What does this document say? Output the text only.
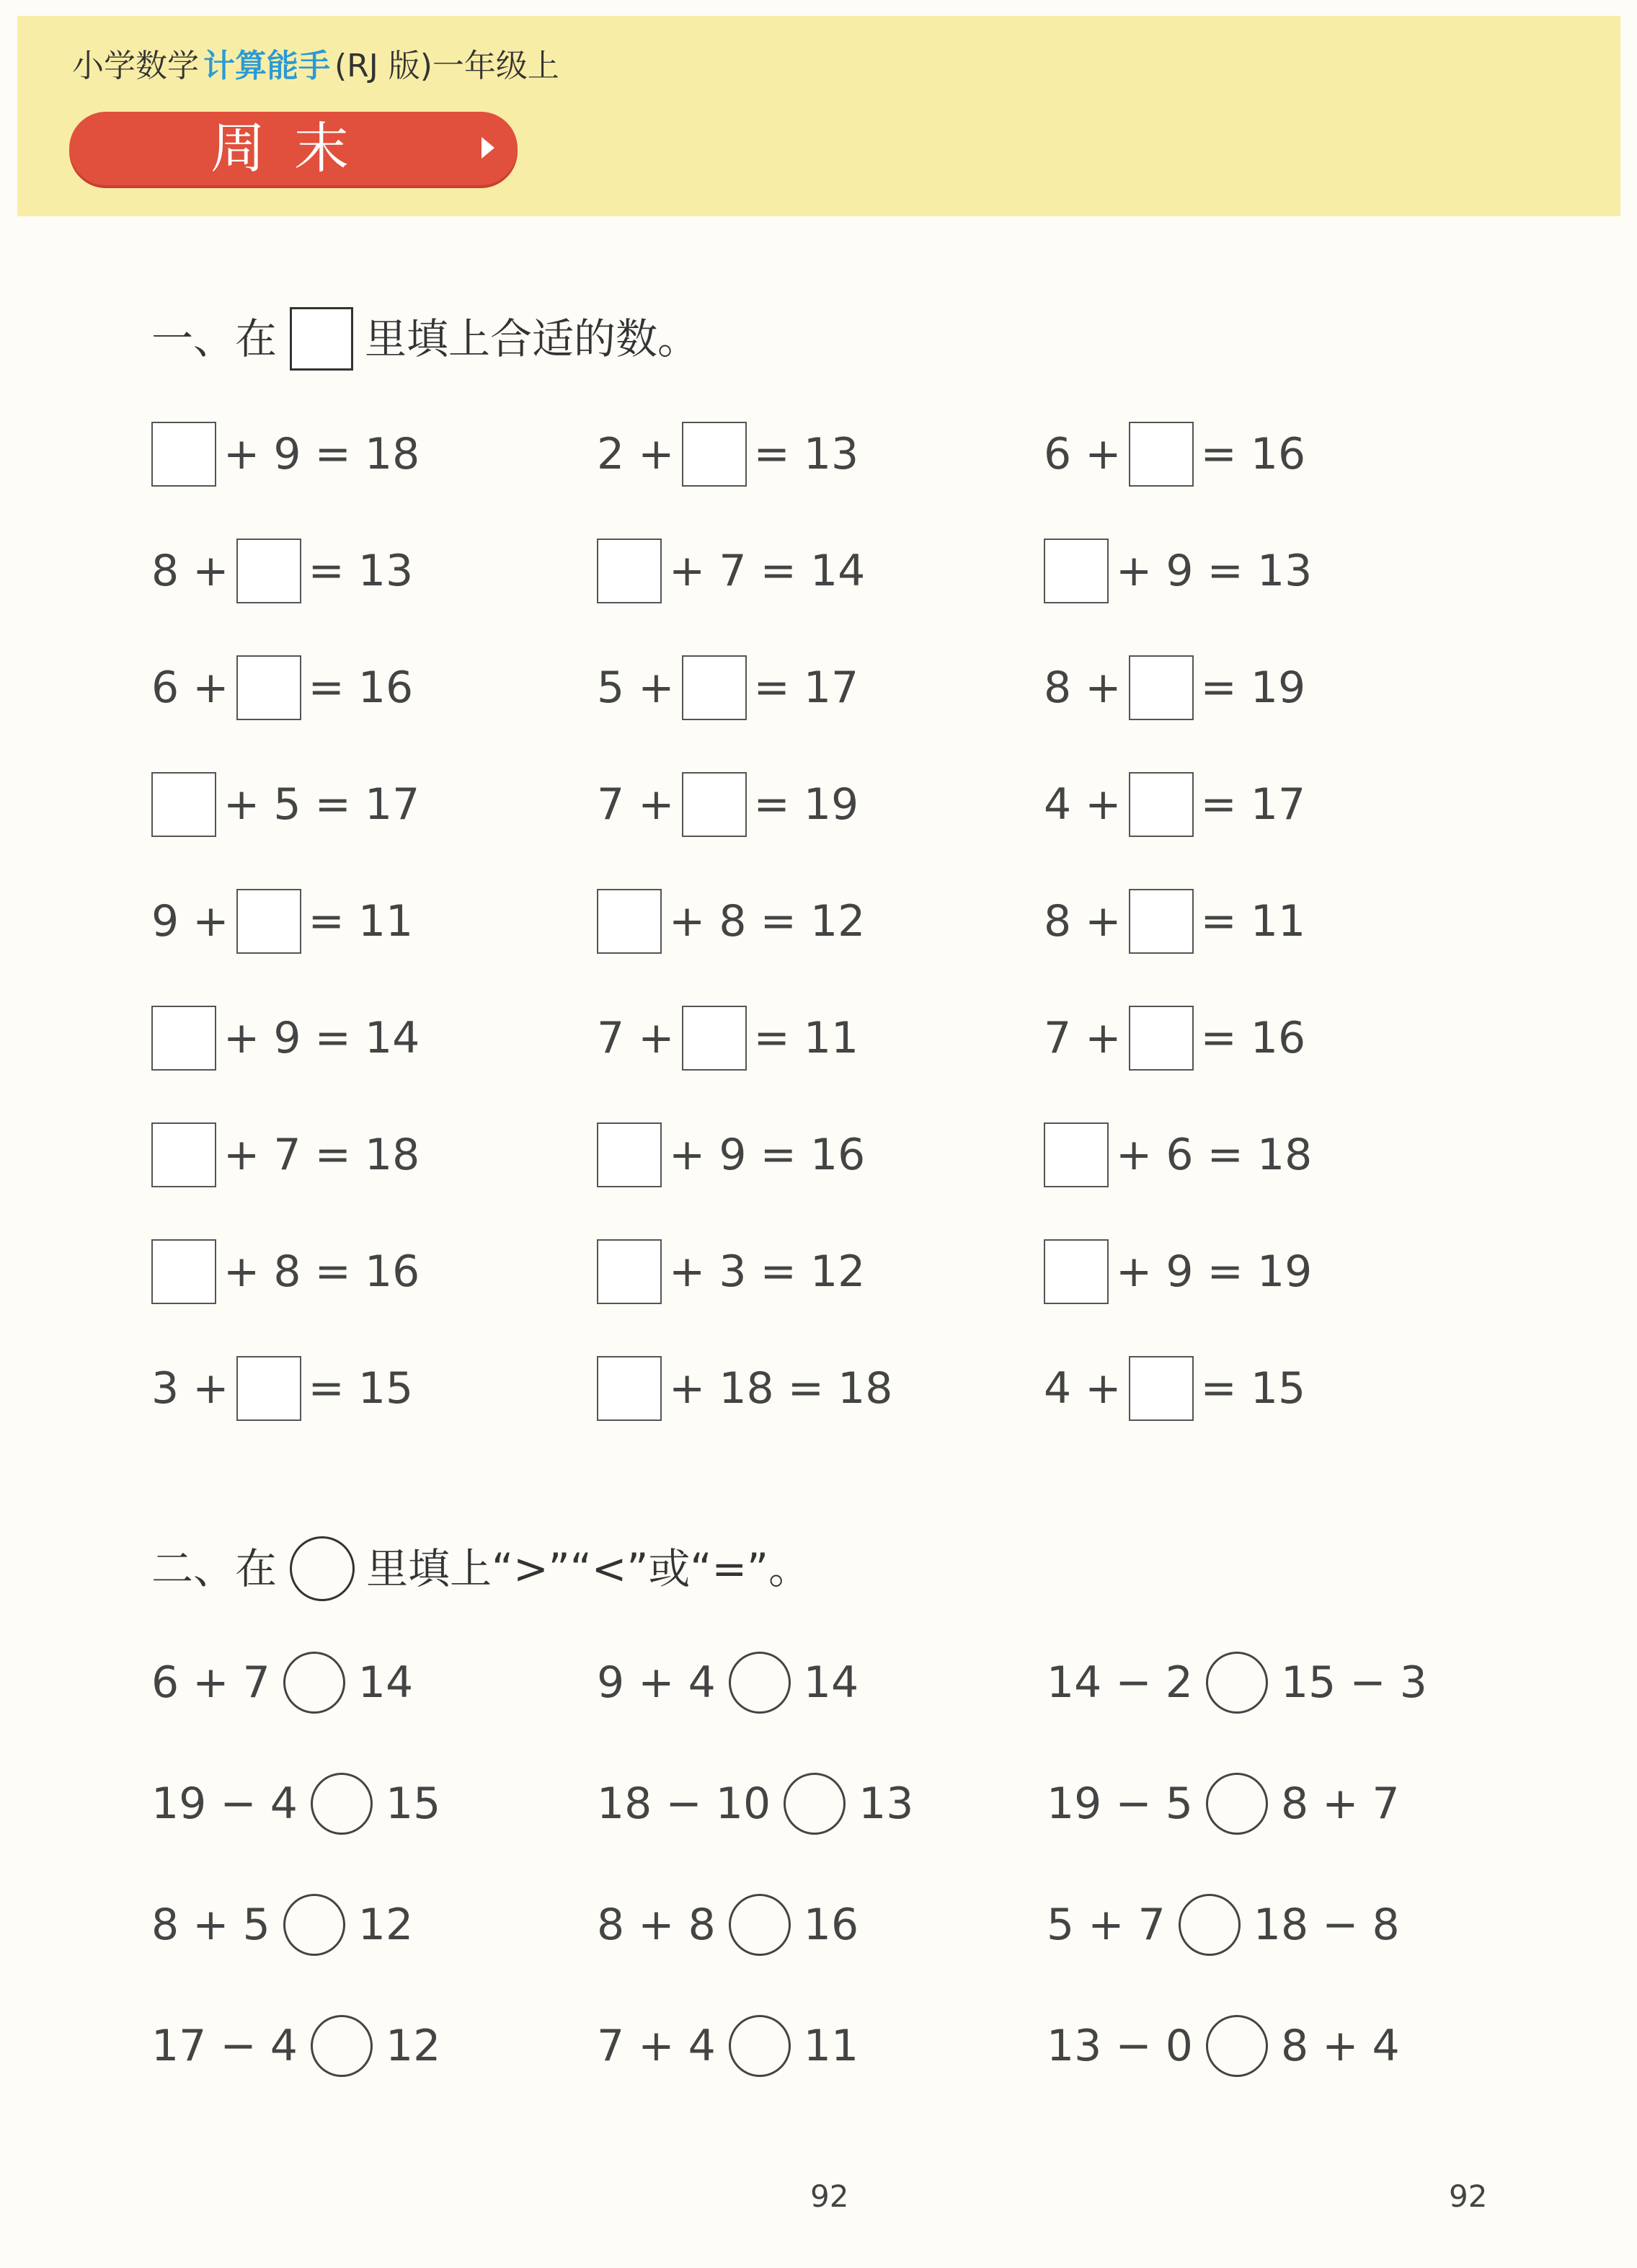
小学数学 计算能手 (RJ 版)一年级上
周末
一、在 里填上合适的数。
+ 9 = 18	2 + = 13	6 + = 16
8 + = 13	+ 7 = 14	+ 9 = 13
6 + = 16	5 + = 17	8 + = 19
+ 5 = 17	7 + = 19	4 + = 17
9 + = 11	+ 8 = 12	8 + = 11
+ 9 = 14	7 + = 11	7 + = 16
+ 7 = 18	+ 9 = 16	+ 6 = 18
+ 8 = 16	+ 3 = 12	+ 9 = 19
3 + = 15	+ 18 = 18	4 + = 15
二、在 里填上“>”“<”或“=”。
6 + 7 14	9 + 4 14	14 − 2 15 − 3
19 − 4 15	18 − 10 13	19 − 5 8 + 7
8 + 5 12	8 + 8 16	5 + 7 18 − 8
17 − 4 12	7 + 4 11	13 − 0 8 + 4
92	92
